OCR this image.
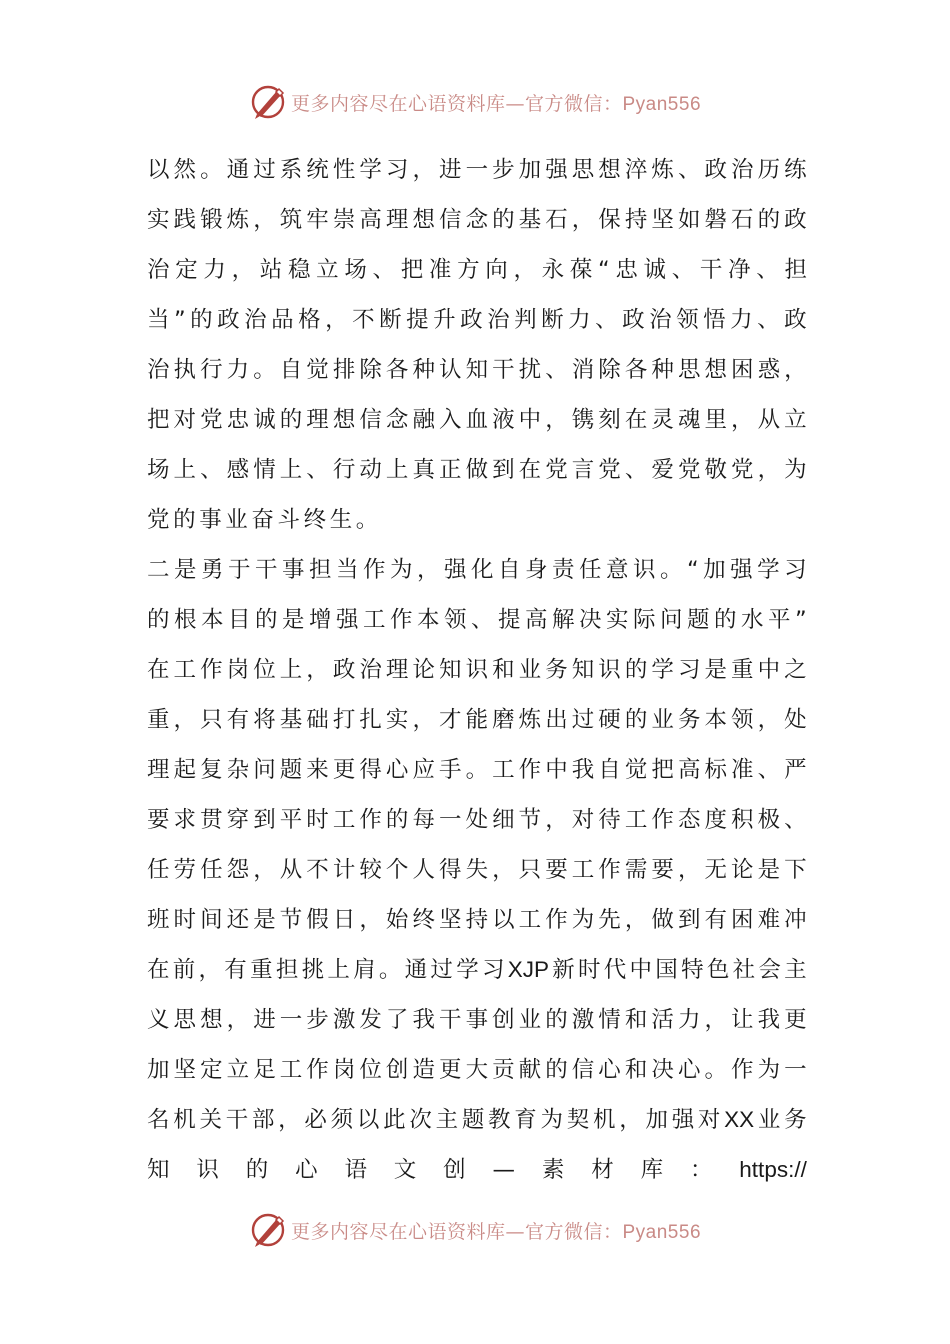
更多内容尽在心语资料库—官方微信：Pyan556
以 然 。 通 过 系 统 性 学 习 ， 进 一 步 加 强 思 想 淬 炼 、 政 治 历 练
实 践 锻 炼 ， 筑 牢 崇 高 理 想 信 念 的 基 石 ， 保 持 坚 如 磐 石 的 政
治 定 力 ， 站 稳 立 场 、 把 准 方 向 ， 永 葆 “ 忠 诚 、 干 净 、 担
当 ” 的 政 治 品 格 ， 不 断 提 升 政 治 判 断 力 、 政 治 领 悟 力 、 政
治 执 行 力 。 自 觉 排 除 各 种 认 知 干 扰 、 消 除 各 种 思 想 困 惑 ，
把 对 党 忠 诚 的 理 想 信 念 融 入 血 液 中 ， 镌 刻 在 灵 魂 里 ， 从 立
场 上 、 感 情 上 、 行 动 上 真 正 做 到 在 党 言 党 、 爱 党 敬 党 ， 为
党的事业奋斗终生。
二 是 勇 于 干 事 担 当 作 为 ， 强 化 自 身 责 任 意 识 。 “ 加 强 学 习
的 根 本 目 的 是 增 强 工 作 本 领 、 提 高 解 决 实 际 问 题 的 水 平 ”
在 工 作 岗 位 上 ， 政 治 理 论 知 识 和 业 务 知 识 的 学 习 是 重 中 之
重 ， 只 有 将 基 础 打 扎 实 ， 才 能 磨 炼 出 过 硬 的 业 务 本 领 ， 处
理 起 复 杂 问 题 来 更 得 心 应 手 。 工 作 中 我 自 觉 把 高 标 准 、 严
要 求 贯 穿 到 平 时 工 作 的 每 一 处 细 节 ， 对 待 工 作 态 度 积 极 、
任 劳 任 怨 ， 从 不 计 较 个 人 得 失 ， 只 要 工 作 需 要 ， 无 论 是 下
班 时 间 还 是 节 假 日 ， 始 终 坚 持 以 工 作 为 先 ， 做 到 有 困 难 冲
在 前 ， 有 重 担 挑 上 肩 。 通 过 学 习 XJP 新 时 代 中 国 特 色 社 会 主
义 思 想 ， 进 一 步 激 发 了 我 干 事 创 业 的 激 情 和 活 力 ， 让 我 更
加 坚 定 立 足 工 作 岗 位 创 造 更 大 贡 献 的 信 心 和 决 心 。 作 为 一
名 机 关 干 部 ， 必 须 以 此 次 主 题 教 育 为 契 机 ， 加 强 对 XX 业 务
知 识 的 心 语 文 创 — 素 材 库 ： https://
更多内容尽在心语资料库—官方微信：Pyan556
